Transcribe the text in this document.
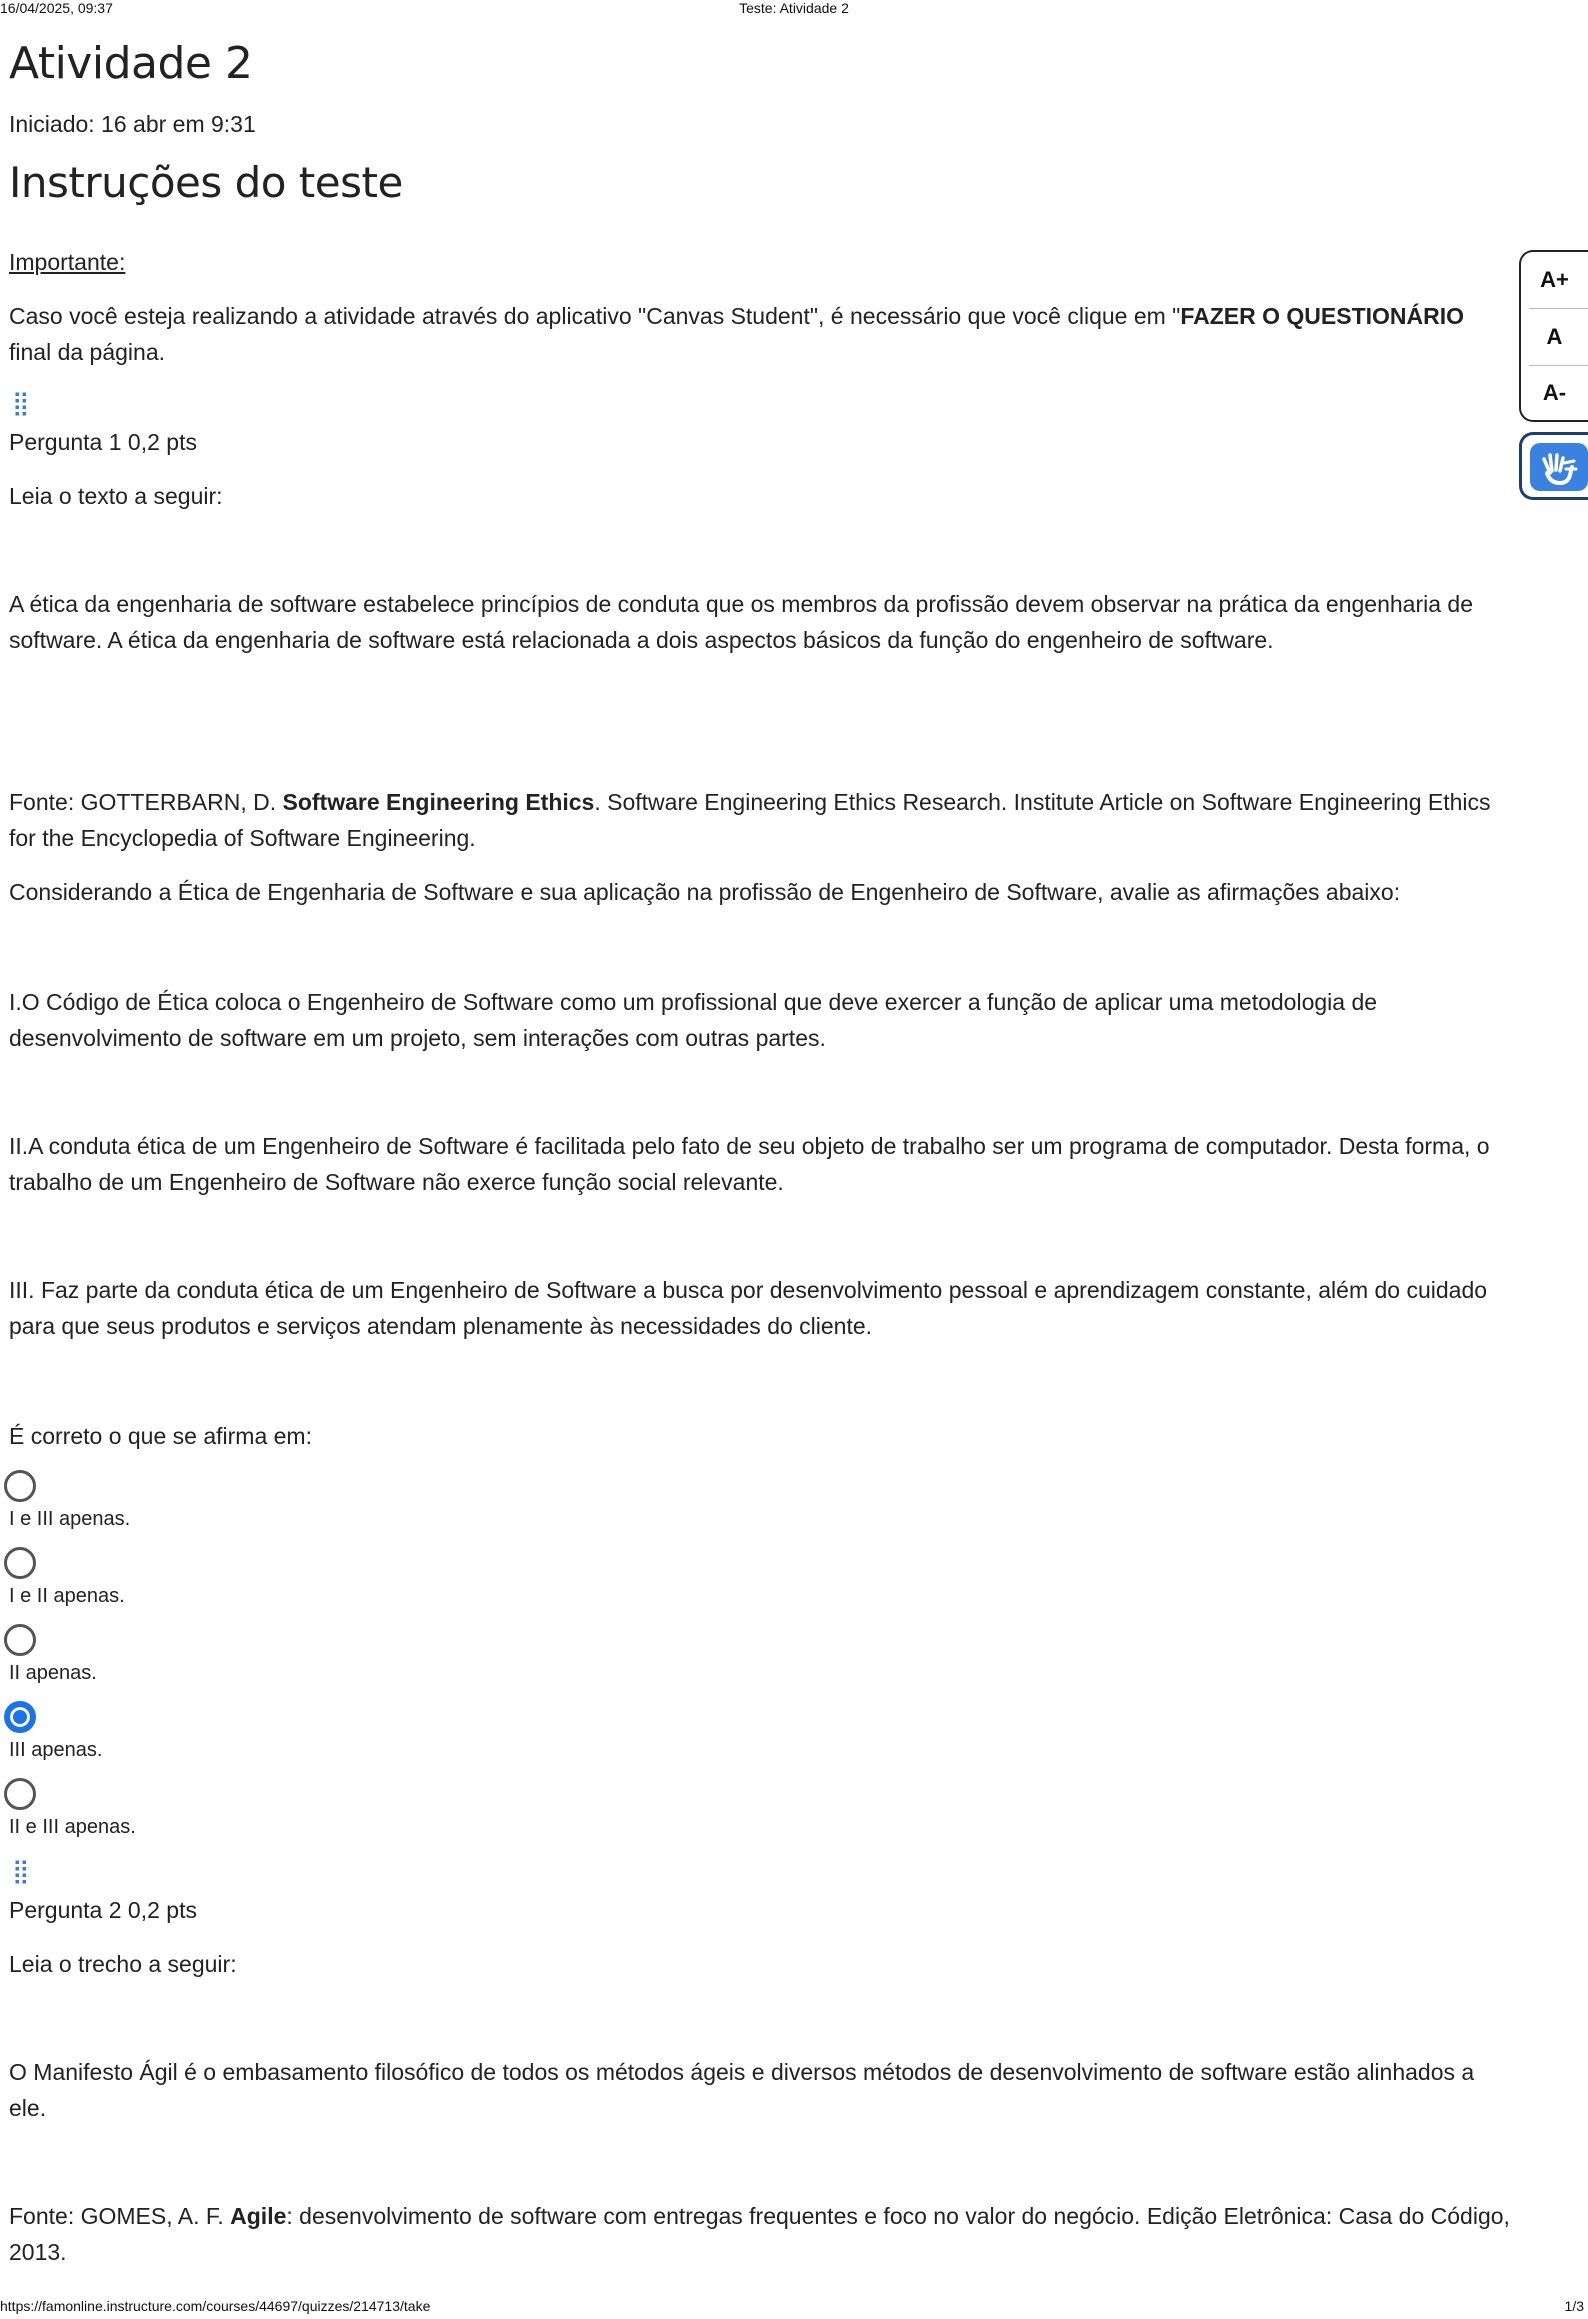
16/04/2025, 09:37	Teste: Atividade 2
Atividade 2
Iniciado: 16 abr em 9:31
Instruções do teste
Importante:
Caso você esteja realizando a atividade através do aplicativo "Canvas Student", é necessário que você clique em "FAZER O QUESTIONÁRIO
final da página.
A+
A
A-
⣿
Pergunta 1 0,2 pts
Leia o texto a seguir:
A ética da engenharia de software estabelece princípios de conduta que os membros da profissão devem observar na prática da engenharia de
software. A ética da engenharia de software está relacionada a dois aspectos básicos da função do engenheiro de software.
Fonte: GOTTERBARN, D. Software Engineering Ethics. Software Engineering Ethics Research. Institute Article on Software Engineering Ethics
for the Encyclopedia of Software Engineering.
Considerando a Ética de Engenharia de Software e sua aplicação na profissão de Engenheiro de Software, avalie as afirmações abaixo:
I.O Código de Ética coloca o Engenheiro de Software como um profissional que deve exercer a função de aplicar uma metodologia de
desenvolvimento de software em um projeto, sem interações com outras partes.
II.A conduta ética de um Engenheiro de Software é facilitada pelo fato de seu objeto de trabalho ser um programa de computador. Desta forma, o
trabalho de um Engenheiro de Software não exerce função social relevante.
III. Faz parte da conduta ética de um Engenheiro de Software a busca por desenvolvimento pessoal e aprendizagem constante, além do cuidado
para que seus produtos e serviços atendam plenamente às necessidades do cliente.
É correto o que se afirma em:
I e III apenas.
I e II apenas.
II apenas.
III apenas.
II e III apenas.
⣿
Pergunta 2 0,2 pts
Leia o trecho a seguir:
O Manifesto Ágil é o embasamento filosófico de todos os métodos ágeis e diversos métodos de desenvolvimento de software estão alinhados a
ele.
Fonte: GOMES, A. F. Agile: desenvolvimento de software com entregas frequentes e foco no valor do negócio. Edição Eletrônica: Casa do Código,
2013.
https://famonline.instructure.com/courses/44697/quizzes/214713/take	1/3
